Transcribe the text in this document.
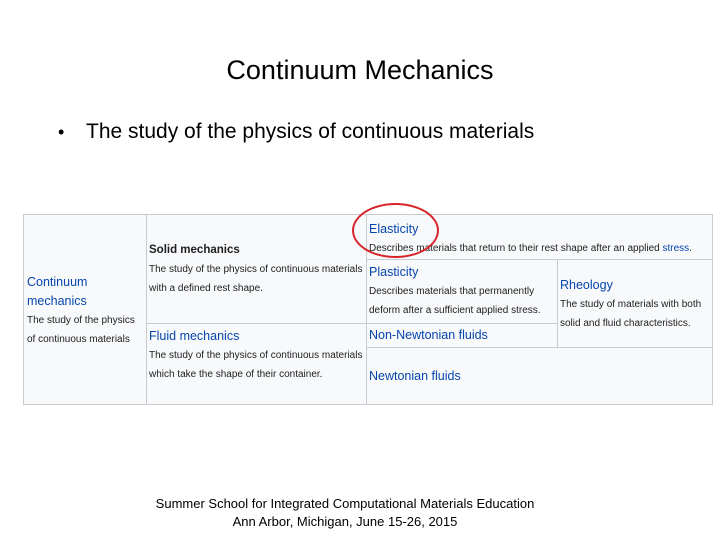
Continuum Mechanics
•	The study of the physics of continuous materials
Continuum mechanics
The study of the physics of continuous materials
Solid mechanics
The study of the physics of continuous materials with a defined rest shape.
Fluid mechanics
The study of the physics of continuous materials which take the shape of their container.
Elasticity
Describes materials that return to their rest shape after an applied stress.
Plasticity
Describes materials that permanently deform after a sufficient applied stress.
Rheology
The study of materials with both solid and fluid characteristics.
Non-Newtonian fluids
Newtonian fluids
Summer School for Integrated Computational Materials Education
Ann Arbor, Michigan, June 15-26, 2015
